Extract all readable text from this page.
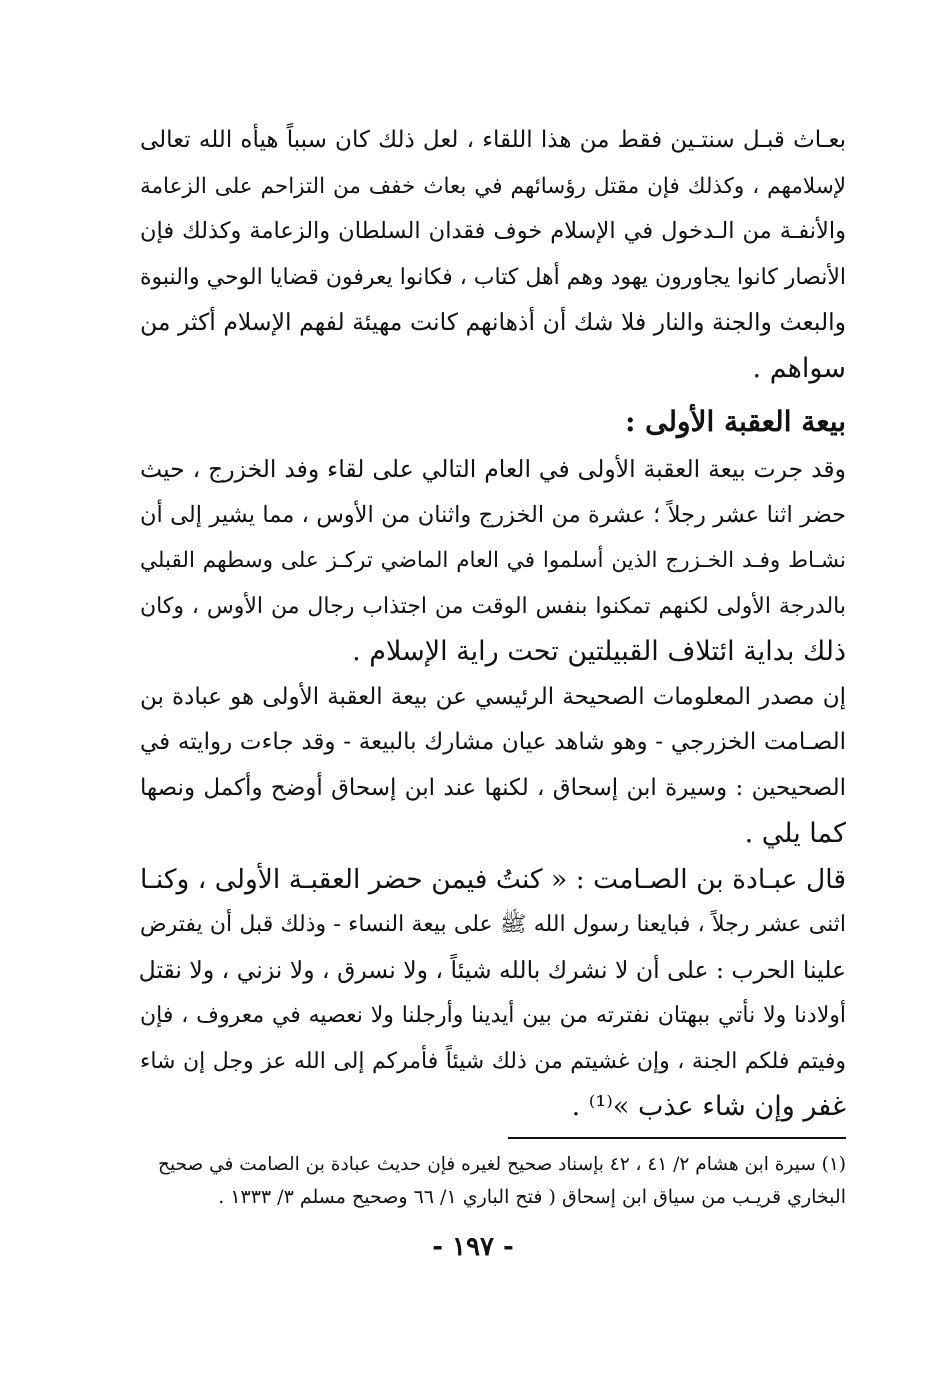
بعـاث قبـل سنتـين فقط من هذا اللقاء ، لعل ذلك كان سبباً هيأه الله تعالى
لإسلامهم ، وكذلك فإن مقتل رؤسائهم في بعاث خفف من التزاحم على الزعامة
والأنفـة من الـدخول في الإسلام خوف فقدان السلطان والزعامة وكذلك فإن
الأنصار كانوا يجاورون يهود وهم أهل كتاب ، فكانوا يعرفون قضايا الوحي والنبوة
والبعث والجنة والنار فلا شك أن أذهانهم كانت مهيئة لفهم الإسلام أكثر من
سواهم .
بيعة العقبة الأولى :
وقد جرت بيعة العقبة الأولى في العام التالي على لقاء وفد الخزرج ، حيث
حضر اثنا عشر رجلاً ؛ عشرة من الخزرج واثنان من الأوس ، مما يشير إلى أن
نشـاط وفـد الخـزرج الذين أسلموا في العام الماضي تركـز على وسطهم القبلي
بالدرجة الأولى لكنهم تمكنوا بنفس الوقت من اجتذاب رجال من الأوس ، وكان
ذلك بداية ائتلاف القبيلتين تحت راية الإسلام .
إن مصدر المعلومات الصحيحة الرئيسي عن بيعة العقبة الأولى هو عبادة بن
الصـامت الخزرجي - وهو شاهد عيان مشارك بالبيعة - وقد جاءت روايته في
الصحيحين : وسيرة ابن إسحاق ، لكنها عند ابن إسحاق أوضح وأكمل ونصها
كما يلي .
قال عبـادة بن الصـامت : « كنتُ فيمن حضر العقبـة الأولى ، وكنـا
اثنى عشر رجلاً ، فبايعنا رسول الله ﷺ على بيعة النساء - وذلك قبل أن يفترض
علينا الحرب : على أن لا نشرك بالله شيئاً ، ولا نسرق ، ولا نزني ، ولا نقتل
أولادنا ولا نأتي ببهتان نفترته من بين أيدينا وأرجلنا ولا نعصيه في معروف ، فإن
وفيتم فلكم الجنة ، وإن غشيتم من ذلك شيئاً فأمركم إلى الله عز وجل إن شاء
غفر وإن شاء عذب »⁽¹⁾ .
(١) سيرة ابن هشام ٢/ ٤١ ، ٤٢ بإسناد صحيح لغيره فإن حديث عبادة بن الصامت في صحيح
البخاري قريـب من سياق ابن إسحاق ( فتح الباري ١/ ٦٦ وصحيح مسلم ٣/ ١٣٣٣ .
- ١٩٧ -
